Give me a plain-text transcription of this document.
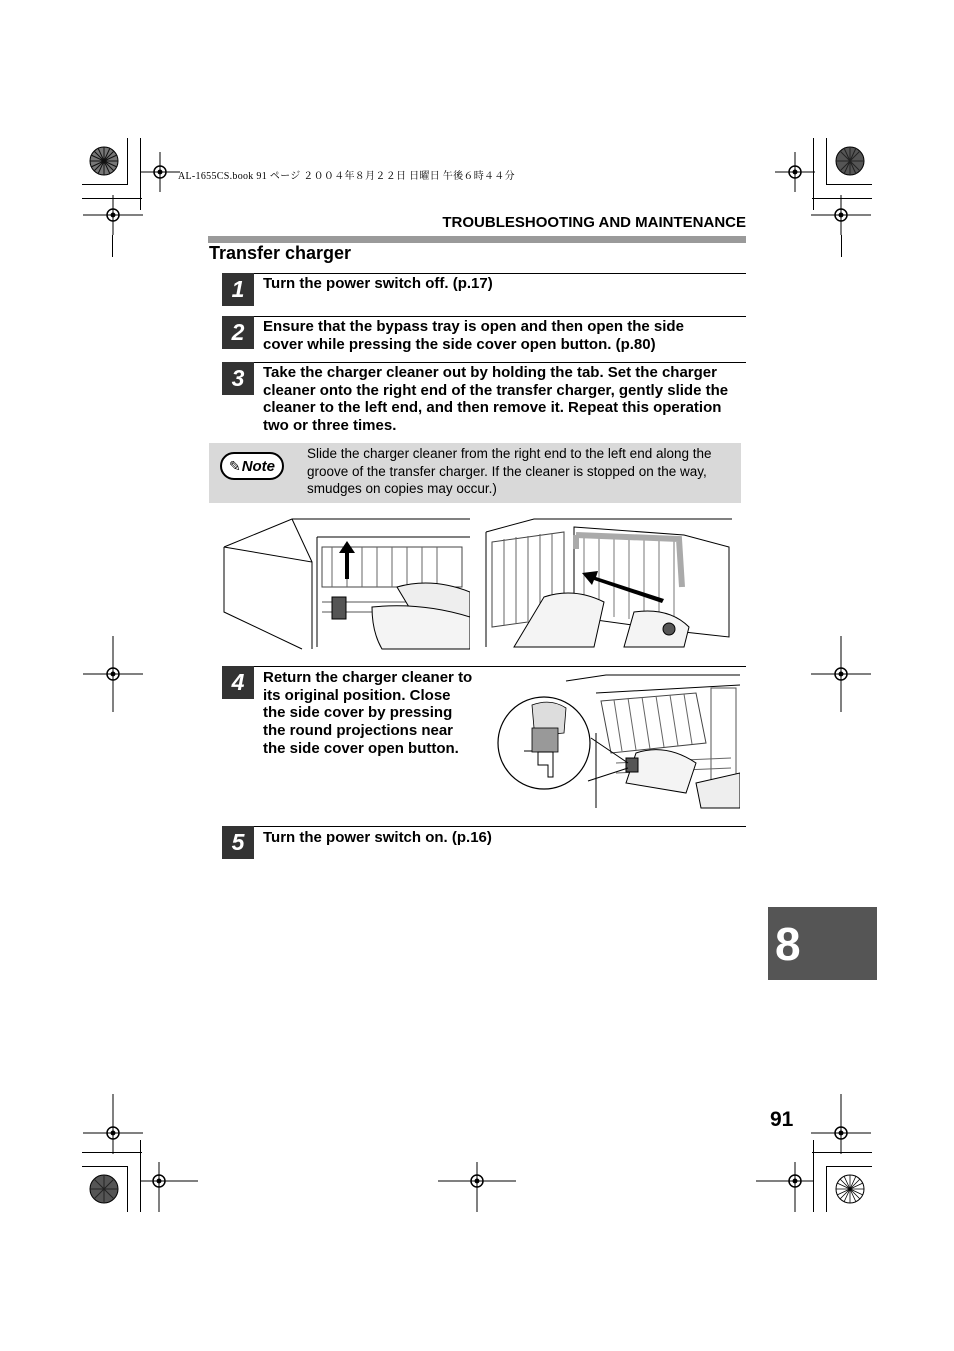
AL-1655CS.book 91 ページ ２００４年８月２２日 日曜日 午後６時４４分
TROUBLESHOOTING AND MAINTENANCE
Transfer charger
1	Turn the power switch off. (p.17)
2	Ensure that the bypass tray is open and then open the side cover while pressing the side cover open button. (p.80)
3	Take the charger cleaner out by holding the tab. Set the charger cleaner onto the right end of the transfer charger, gently slide the cleaner to the left end, and then remove it. Repeat this operation two or three times.
✎ Note
Slide the charger cleaner from the right end to the left end along the groove of the transfer charger. If the cleaner is stopped on the way, smudges on copies may occur.)
4	Return the charger cleaner to its original position. Close the side cover by pressing the round projections near the side cover open button.
5	Turn the power switch on. (p.16)
8
91
